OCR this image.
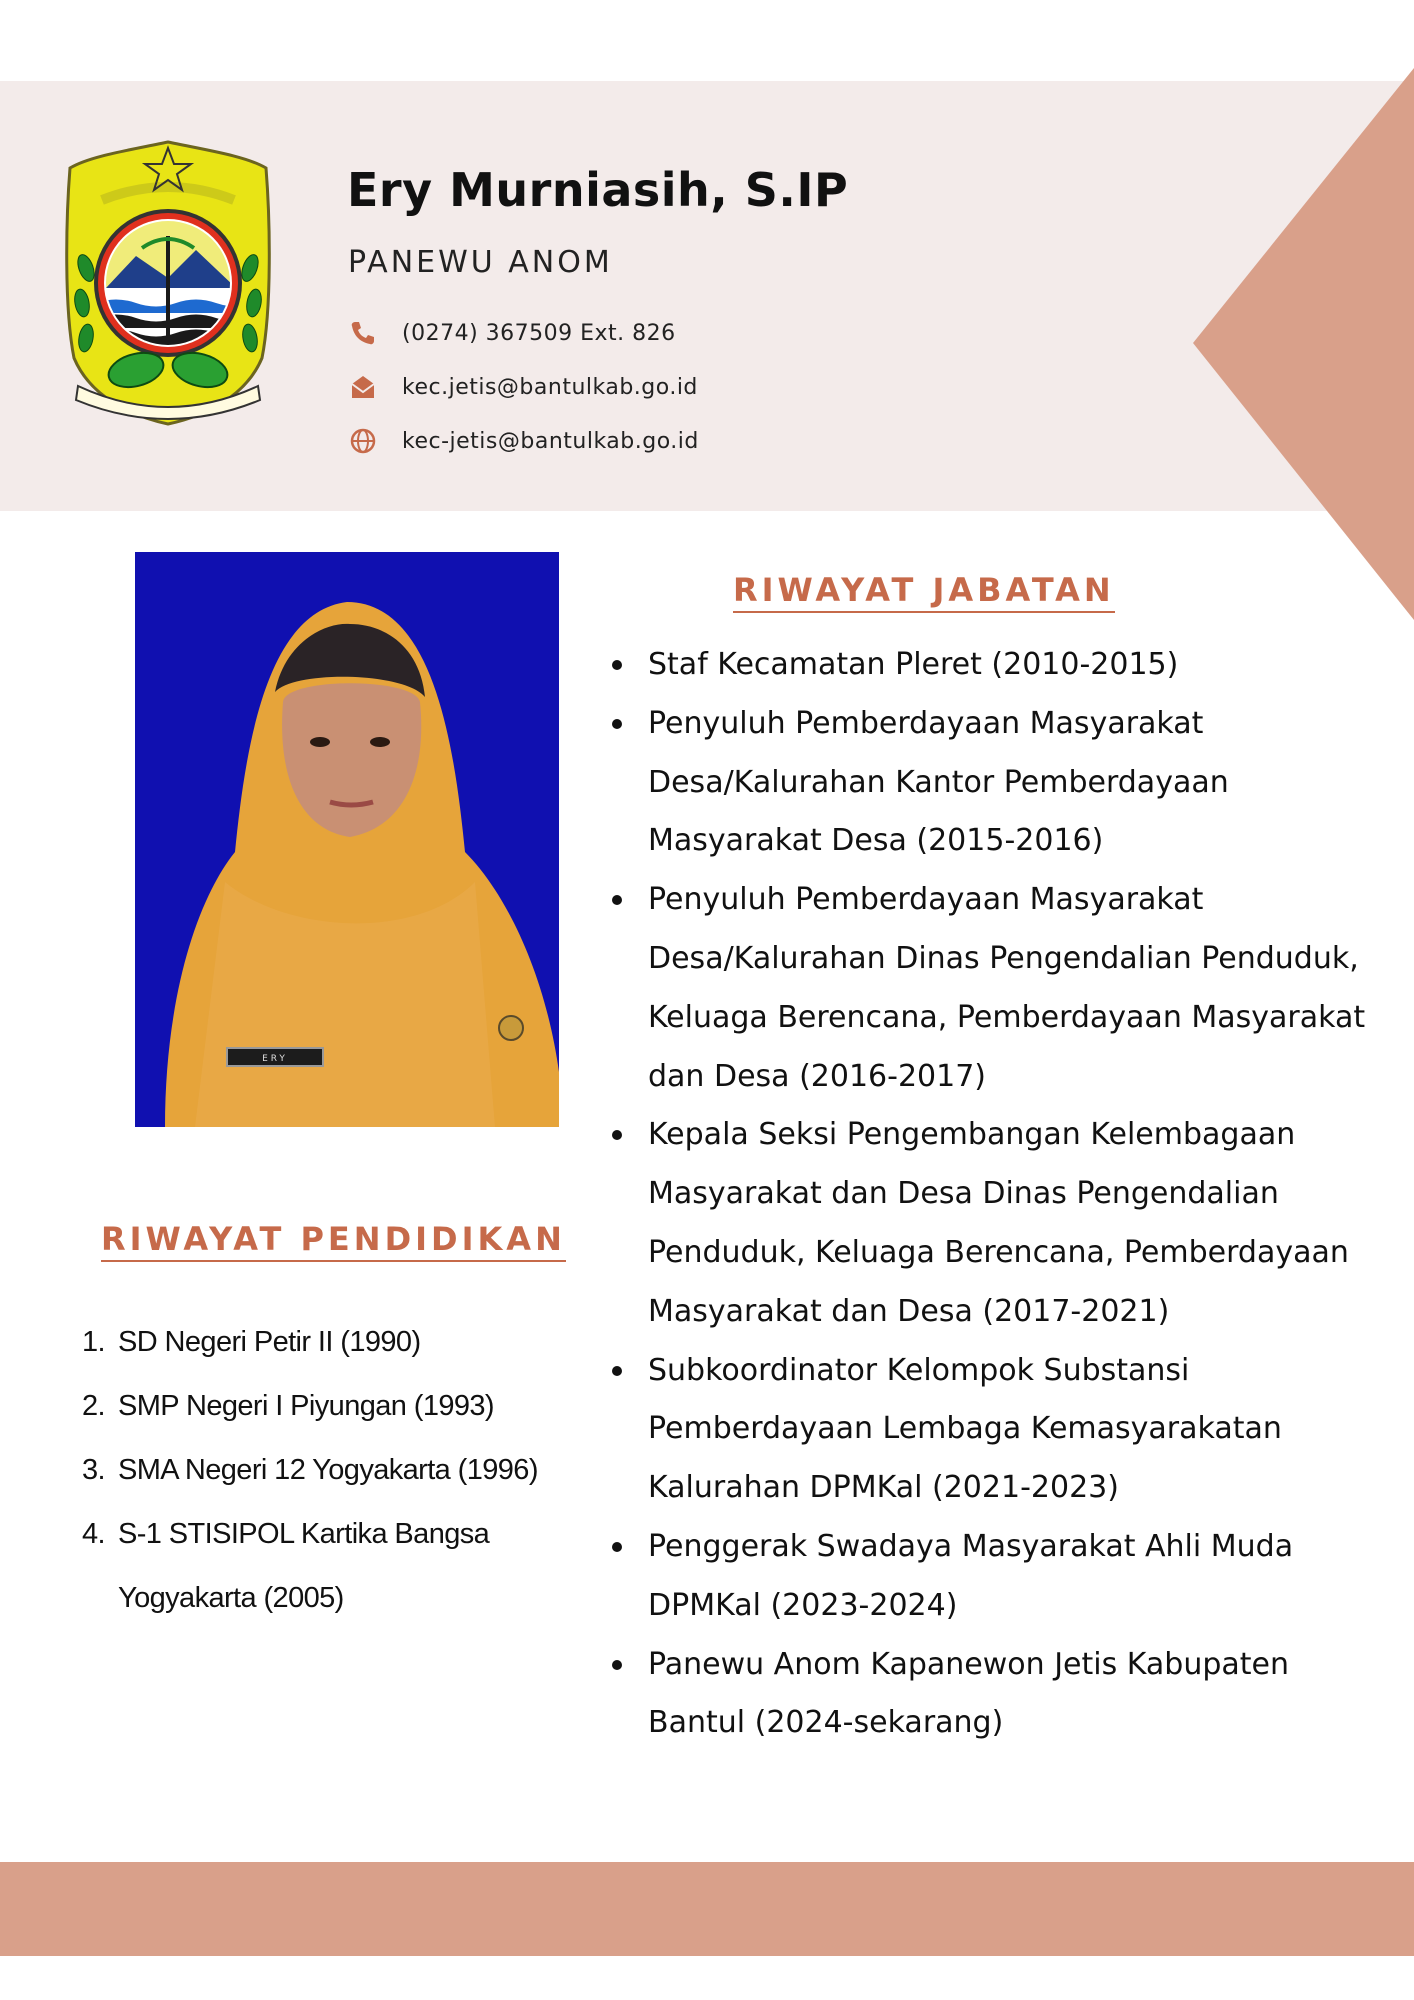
Ery Murniasih, S.IP
PANEWU ANOM
(0274) 367509 Ext. 826
kec.jetis@bantulkab.go.id
kec-jetis@bantulkab.go.id
ERY
RIWAYAT PENDIDIKAN
1. SD Negeri Petir II (1990)
2. SMP Negeri I Piyungan (1993)
3. SMA Negeri 12 Yogyakarta (1996)
4. S-1 STISIPOL Kartika Bangsa Yogyakarta (2005)
RIWAYAT JABATAN
Staf Kecamatan Pleret (2010-2015)
Penyuluh Pemberdayaan Masyarakat Desa/Kalurahan Kantor Pemberdayaan Masyarakat Desa (2015-2016)
Penyuluh Pemberdayaan Masyarakat Desa/Kalurahan Dinas Pengendalian Penduduk, Keluaga Berencana, Pemberdayaan Masyarakat dan Desa (2016-2017)
Kepala Seksi Pengembangan Kelembagaan Masyarakat dan Desa Dinas Pengendalian Penduduk, Keluaga Berencana, Pemberdayaan Masyarakat dan Desa (2017-2021)
Subkoordinator Kelompok Substansi Pemberdayaan Lembaga Kemasyarakatan Kalurahan DPMKal (2021-2023)
Penggerak Swadaya Masyarakat Ahli Muda DPMKal (2023-2024)
Panewu Anom Kapanewon Jetis Kabupaten Bantul (2024-sekarang)
